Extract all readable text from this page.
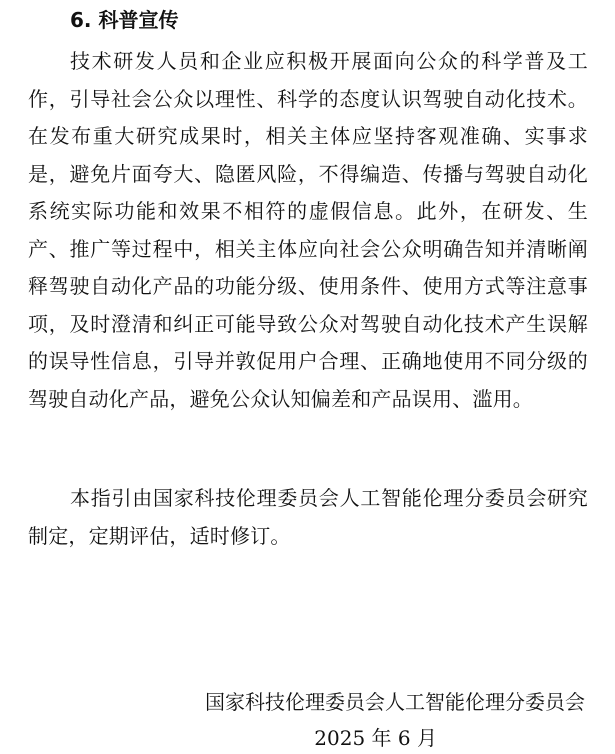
6. 科普宣传

技术研发人员和企业应积极开展面向公众的科学普及工作，引导社会公众以理性、科学的态度认识驾驶自动化技术。在发布重大研究成果时，相关主体应坚持客观准确、实事求是，避免片面夸大、隐匿风险，不得编造、传播与驾驶自动化系统实际功能和效果不相符的虚假信息。此外，在研发、生产、推广等过程中，相关主体应向社会公众明确告知并清晰阐释驾驶自动化产品的功能分级、使用条件、使用方式等注意事项，及时澄清和纠正可能导致公众对驾驶自动化技术产生误解的误导性信息，引导并敦促用户合理、正确地使用不同分级的驾驶自动化产品，避免公众认知偏差和产品误用、滥用。

本指引由国家科技伦理委员会人工智能伦理分委员会研究制定，定期评估，适时修订。

国家科技伦理委员会人工智能伦理分委员会
2025 年 6 月
